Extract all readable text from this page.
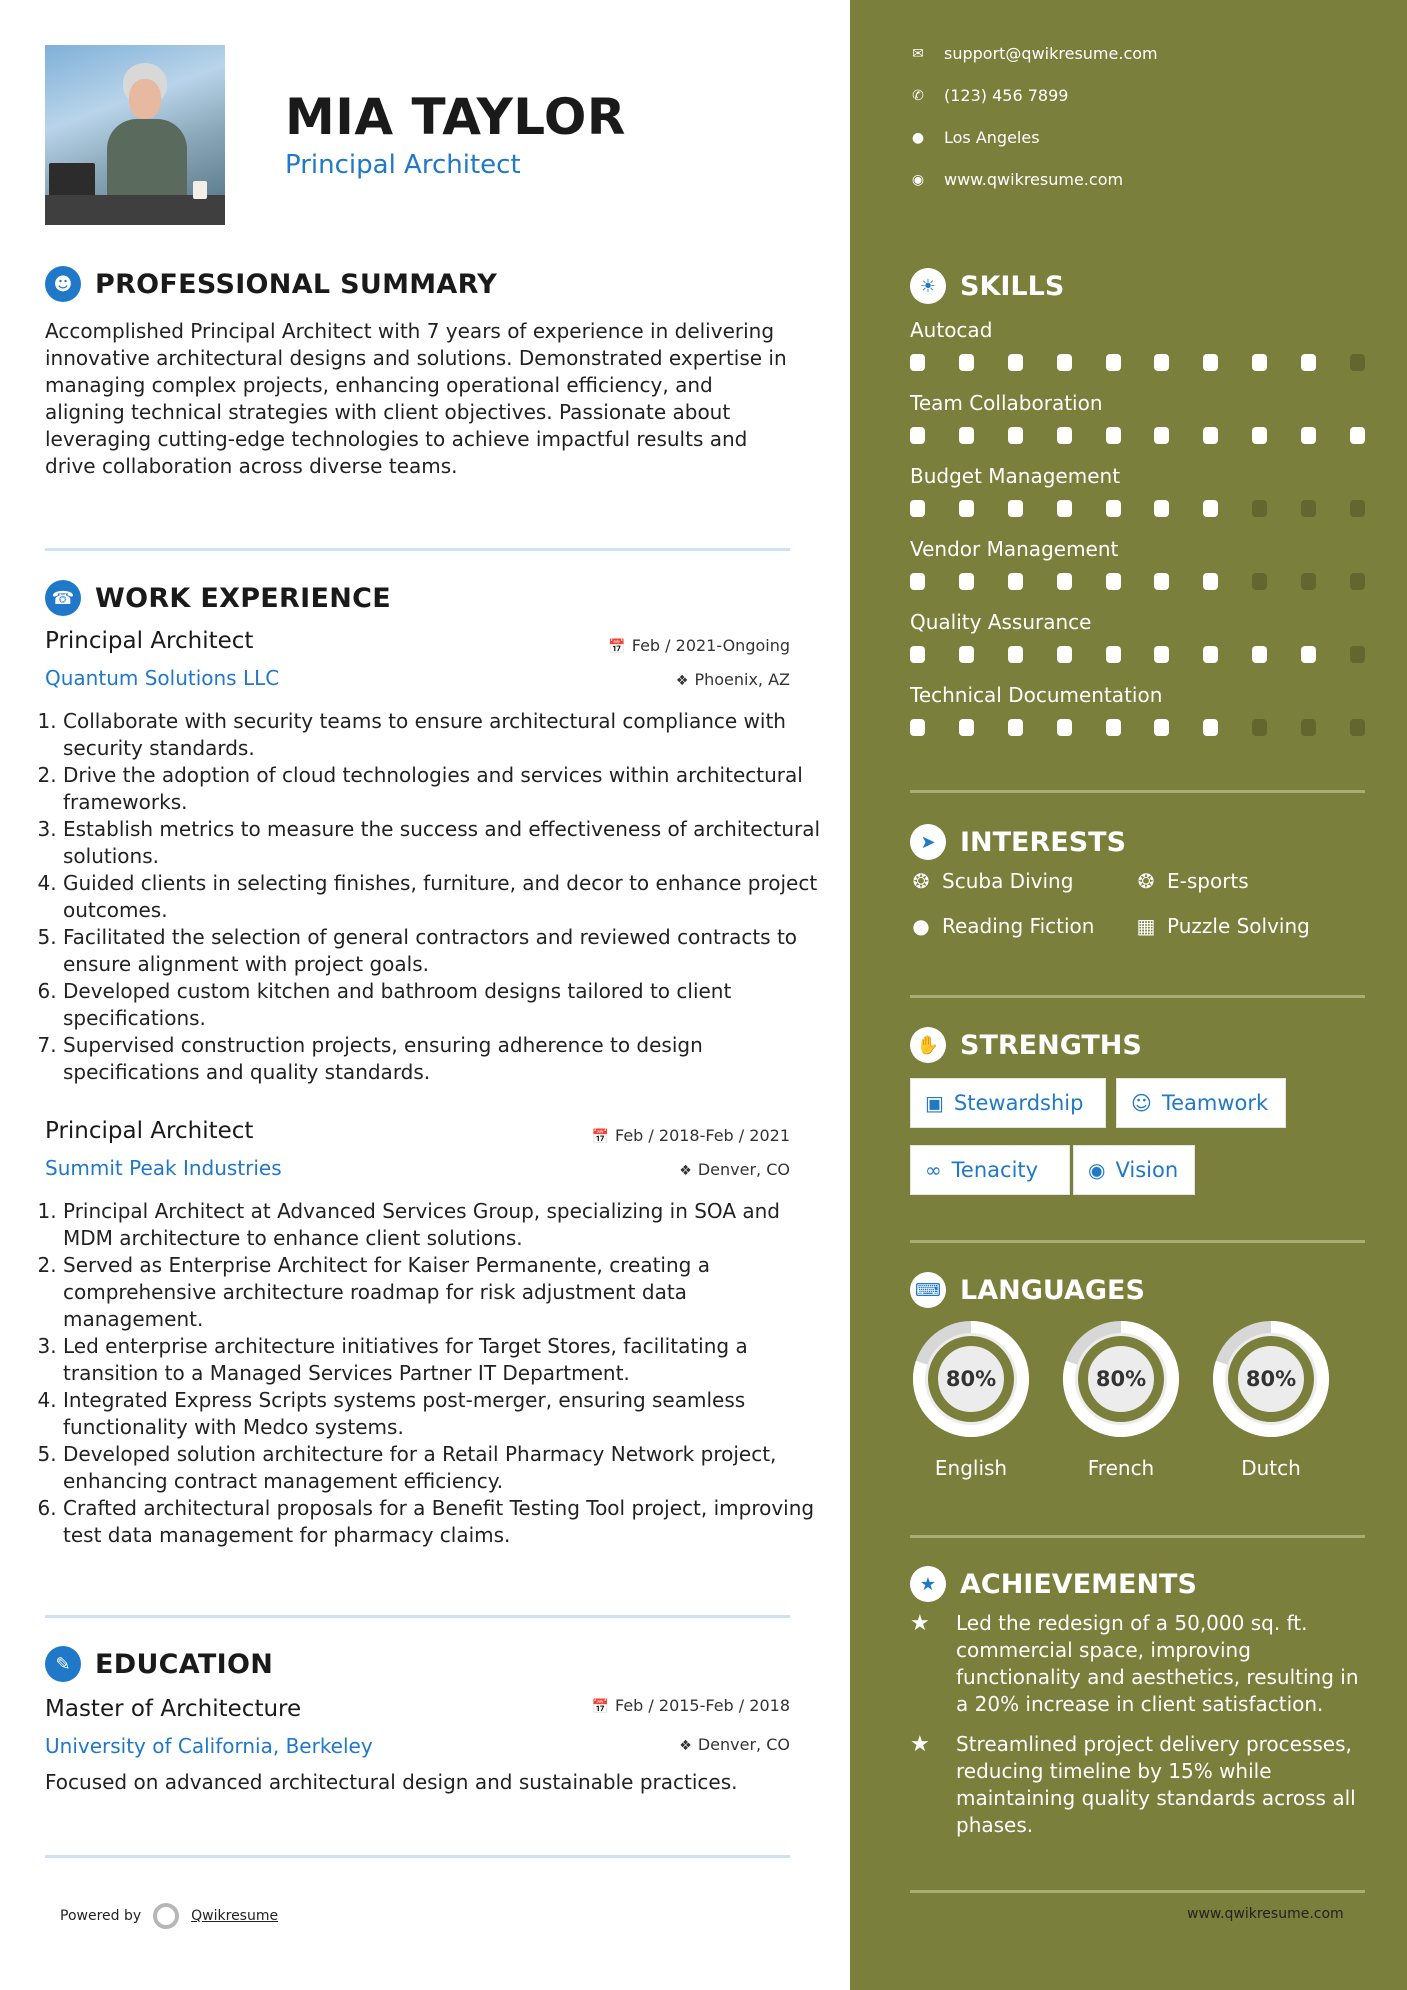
MIA TAYLOR
Principal Architect
☻ PROFESSIONAL SUMMARY
Accomplished Principal Architect with 7 years of experience in delivering innovative architectural designs and solutions. Demonstrated expertise in managing complex projects, enhancing operational efficiency, and aligning technical strategies with client objectives. Passionate about leveraging cutting-edge technologies to achieve impactful results and drive collaboration across diverse teams.
☎ WORK EXPERIENCE
Principal Architect
Quantum Solutions LLC
📅 Feb / 2021-Ongoing
❖ Phoenix, AZ
1. Collaborate with security teams to ensure architectural compliance with security standards.
2. Drive the adoption of cloud technologies and services within architectural frameworks.
3. Establish metrics to measure the success and effectiveness of architectural solutions.
4. Guided clients in selecting finishes, furniture, and decor to enhance project outcomes.
5. Facilitated the selection of general contractors and reviewed contracts to ensure alignment with project goals.
6. Developed custom kitchen and bathroom designs tailored to client specifications.
7. Supervised construction projects, ensuring adherence to design specifications and quality standards.
Principal Architect
Summit Peak Industries
📅 Feb / 2018-Feb / 2021
❖ Denver, CO
1. Principal Architect at Advanced Services Group, specializing in SOA and MDM architecture to enhance client solutions.
2. Served as Enterprise Architect for Kaiser Permanente, creating a comprehensive architecture roadmap for risk adjustment data management.
3. Led enterprise architecture initiatives for Target Stores, facilitating a transition to a Managed Services Partner IT Department.
4. Integrated Express Scripts systems post-merger, ensuring seamless functionality with Medco systems.
5. Developed solution architecture for a Retail Pharmacy Network project, enhancing contract management efficiency.
6. Crafted architectural proposals for a Benefit Testing Tool project, improving test data management for pharmacy claims.
✎ EDUCATION
Master of Architecture
University of California, Berkeley
📅 Feb / 2015-Feb / 2018
❖ Denver, CO
Focused on advanced architectural design and sustainable practices.
Powered by	Qwikresume
✉ support@qwikresume.com
✆ (123) 456 7899
● Los Angeles
◉ www.qwikresume.com
☀ SKILLS
Autocad
Team Collaboration
Budget Management
Vendor Management
Quality Assurance
Technical Documentation
➤ INTERESTS
❂ Scuba Diving	❂ E-sports
● Reading Fiction ▦ Puzzle Solving
✋ STRENGTHS
▣ Stewardship ☺ Teamwork
∞ Tenacity ◉ Vision
⌨ LANGUAGES
80%
English
80%
French
80%
Dutch
★ ACHIEVEMENTS
★	Led the redesign of a 50,000 sq. ft. commercial space, improving functionality and aesthetics, resulting in a 20% increase in client satisfaction.
★	Streamlined project delivery processes, reducing timeline by 15% while maintaining quality standards across all phases.
www.qwikresume.com
